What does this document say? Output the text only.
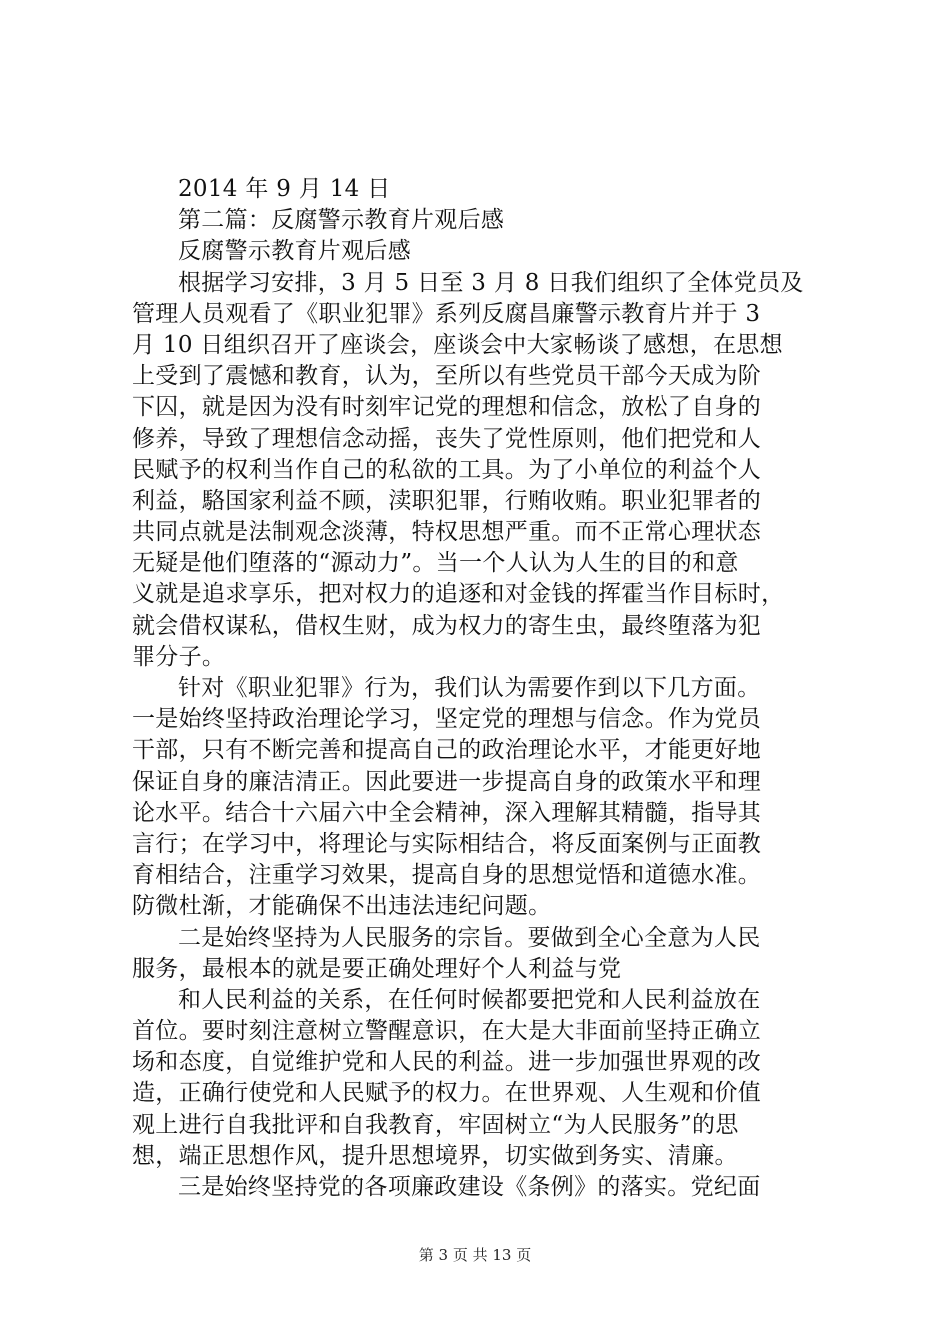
2014 年 9 月 14 日
第二篇：反腐警示教育片观后感
反腐警示教育片观后感
根据学习安排，3 月 5 日至 3 月 8 日我们组织了全体党员及
管理人员观看了《职业犯罪》系列反腐昌廉警示教育片并于 3
月 10 日组织召开了座谈会，座谈会中大家畅谈了感想，在思想
上受到了震憾和教育，认为，至所以有些党员干部今天成为阶
下囚，就是因为没有时刻牢记党的理想和信念，放松了自身的
修养，导致了理想信念动摇，丧失了党性原则，他们把党和人
民赋予的权利当作自己的私欲的工具。为了小单位的利益个人
利益，駱国家利益不顾，渎职犯罪，行贿收贿。职业犯罪者的
共同点就是法制观念淡薄，特权思想严重。而不正常心理状态
无疑是他们堕落的“源动力”。当一个人认为人生的目的和意
义就是追求享乐，把对权力的追逐和对金钱的挥霍当作目标时，
就会借权谋私，借权生财，成为权力的寄生虫，最终堕落为犯
罪分子。
针对《职业犯罪》行为，我们认为需要作到以下几方面。
一是始终坚持政治理论学习，坚定党的理想与信念。作为党员
干部，只有不断完善和提高自己的政治理论水平，才能更好地
保证自身的廉洁清正。因此要进一步提高自身的政策水平和理
论水平。结合十六届六中全会精神，深入理解其精髓，指导其
言行；在学习中，将理论与实际相结合，将反面案例与正面教
育相结合，注重学习效果，提高自身的思想觉悟和道德水准。
防微杜渐，才能确保不出违法违纪问题。
二是始终坚持为人民服务的宗旨。要做到全心全意为人民
服务，最根本的就是要正确处理好个人利益与党
和人民利益的关系，在任何时候都要把党和人民利益放在
首位。要时刻注意树立警醒意识，在大是大非面前坚持正确立
场和态度，自觉维护党和人民的利益。进一步加强世界观的改
造，正确行使党和人民赋予的权力。在世界观、人生观和价值
观上进行自我批评和自我教育，牢固树立“为人民服务”的思
想，端正思想作风，提升思想境界，切实做到务实、清廉。
三是始终坚持党的各项廉政建设《条例》的落实。党纪面
第 3 页 共 13 页
